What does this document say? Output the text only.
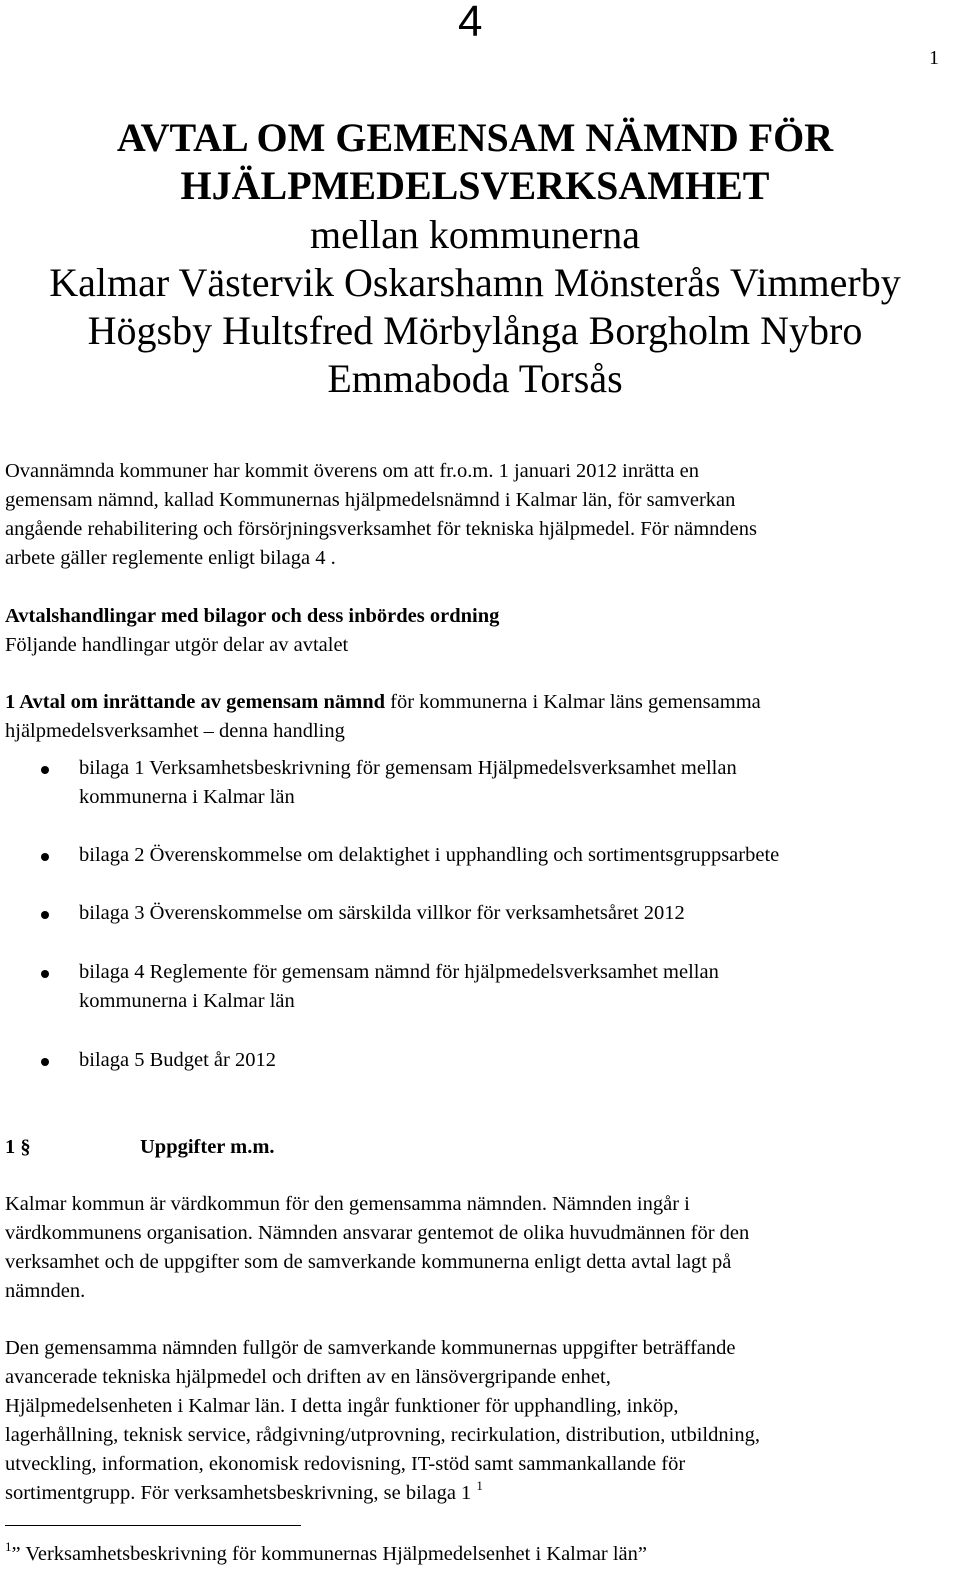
4
1
AVTAL OM GEMENSAM NÄMND FÖR
HJÄLPMEDELSVERKSAMHET
mellan kommunerna
Kalmar Västervik Oskarshamn Mönsterås Vimmerby
Högsby Hultsfred Mörbylånga Borgholm Nybro
Emmaboda Torsås
Ovannämnda kommuner har kommit överens om att fr.o.m. 1 januari 2012 inrätta en
gemensam nämnd, kallad Kommunernas hjälpmedelsnämnd i Kalmar län, för samverkan
angående rehabilitering och försörjningsverksamhet för tekniska hjälpmedel. För nämndens
arbete gäller reglemente enligt bilaga 4 .
Avtalshandlingar med bilagor och dess inbördes ordning
Följande handlingar utgör delar av avtalet
1 Avtal om inrättande av gemensam nämnd för kommunerna i Kalmar läns gemensamma
hjälpmedelsverksamhet – denna handling
bilaga 1 Verksamhetsbeskrivning för gemensam Hjälpmedelsverksamhet mellan
kommunerna i Kalmar län
bilaga 2 Överenskommelse om delaktighet i upphandling och sortimentsgruppsarbete
bilaga 3 Överenskommelse om särskilda villkor för verksamhetsåret 2012
bilaga 4 Reglemente för gemensam nämnd för hjälpmedelsverksamhet mellan
kommunerna i Kalmar län
bilaga 5 Budget år 2012
1 §	Uppgifter m.m.
Kalmar kommun är värdkommun för den gemensamma nämnden. Nämnden ingår i
värdkommunens organisation. Nämnden ansvarar gentemot de olika huvudmännen för den
verksamhet och de uppgifter som de samverkande kommunerna enligt detta avtal lagt på
nämnden.
Den gemensamma nämnden fullgör de samverkande kommunernas uppgifter beträffande
avancerade tekniska hjälpmedel och driften av en länsövergripande enhet,
Hjälpmedelsenheten i Kalmar län. I detta ingår funktioner för upphandling, inköp,
lagerhållning, teknisk service, rådgivning/utprovning, recirkulation, distribution, utbildning,
utveckling, information, ekonomisk redovisning, IT-stöd samt sammankallande för
sortimentgrupp. För verksamhetsbeskrivning, se bilaga 1 $^1$
$^1$” Verksamhetsbeskrivning för kommunernas Hjälpmedelsenhet i Kalmar län”
